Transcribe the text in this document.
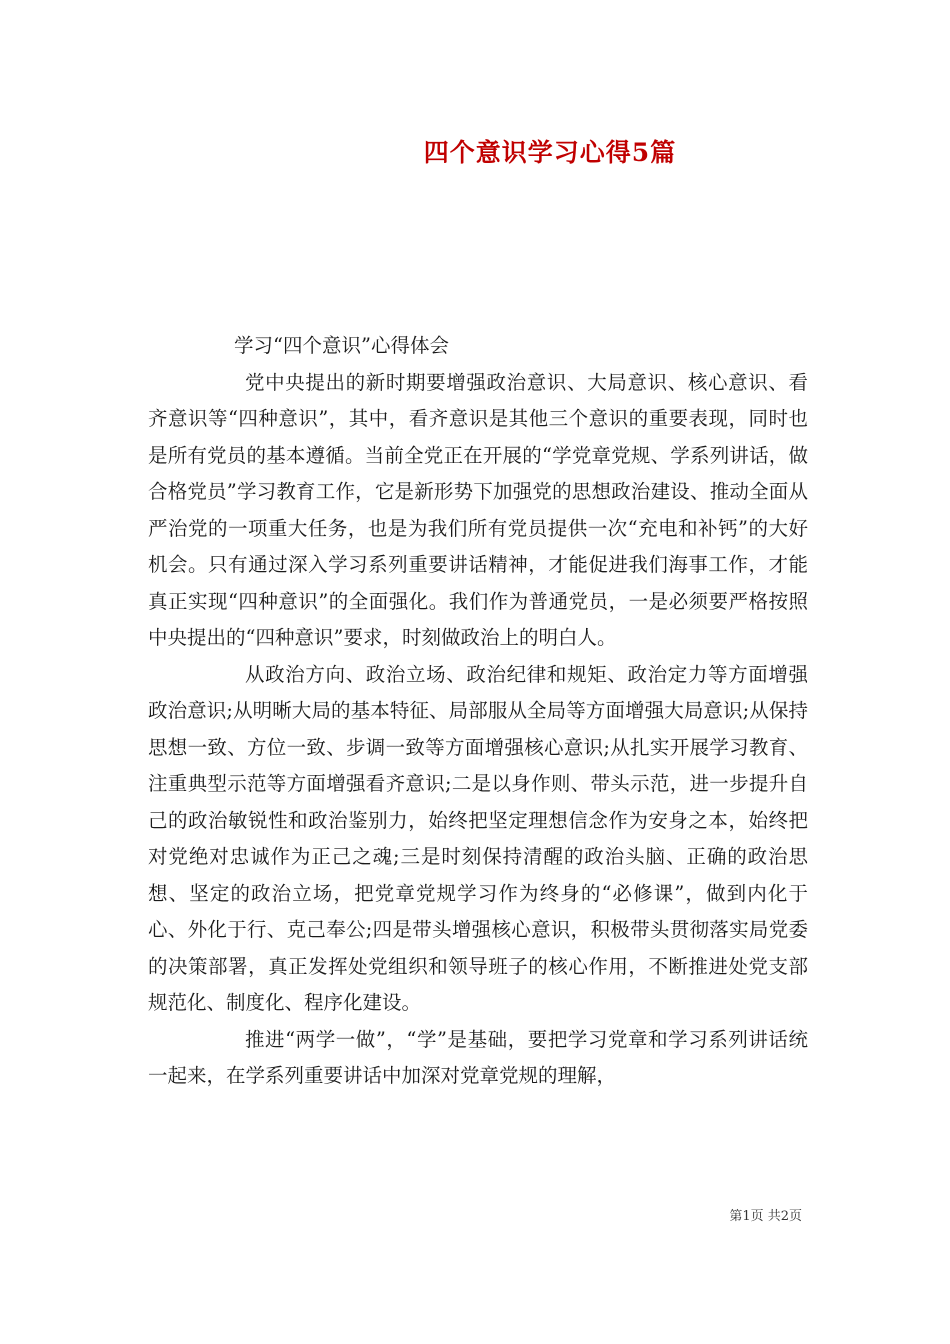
四个意识学习心得5篇

学习“四个意识”心得体会

党中央提出的新时期要增强政治意识、大局意识、核心意识、看齐意识等“四种意识”，其中，看齐意识是其他三个意识的重要表现，同时也是所有党员的基本遵循。当前全党正在开展的“学党章党规、学系列讲话，做合格党员”学习教育工作，它是新形势下加强党的思想政治建设、推动全面从严治党的一项重大任务，也是为我们所有党员提供一次“充电和补钙”的大好机会。只有通过深入学习系列重要讲话精神，才能促进我们海事工作，才能真正实现“四种意识”的全面强化。我们作为普通党员，一是必须要严格按照中央提出的“四种意识”要求，时刻做政治上的明白人。

从政治方向、政治立场、政治纪律和规矩、政治定力等方面增强政治意识;从明晰大局的基本特征、局部服从全局等方面增强大局意识;从保持思想一致、方位一致、步调一致等方面增强核心意识;从扎实开展学习教育、注重典型示范等方面增强看齐意识;二是以身作则、带头示范，进一步提升自己的政治敏锐性和政治鉴别力，始终把坚定理想信念作为安身之本，始终把对党绝对忠诚作为正己之魂;三是时刻保持清醒的政治头脑、正确的政治思想、坚定的政治立场，把党章党规学习作为终身的“必修课”，做到内化于心、外化于行、克己奉公;四是带头增强核心意识，积极带头贯彻落实局党委的决策部署，真正发挥处党组织和领导班子的核心作用，不断推进处党支部规范化、制度化、程序化建设。

推进“两学一做”，“学”是基础，要把学习党章和学习系列讲话统一起来，在学系列重要讲话中加深对党章党规的理解，

第1页 共2页
